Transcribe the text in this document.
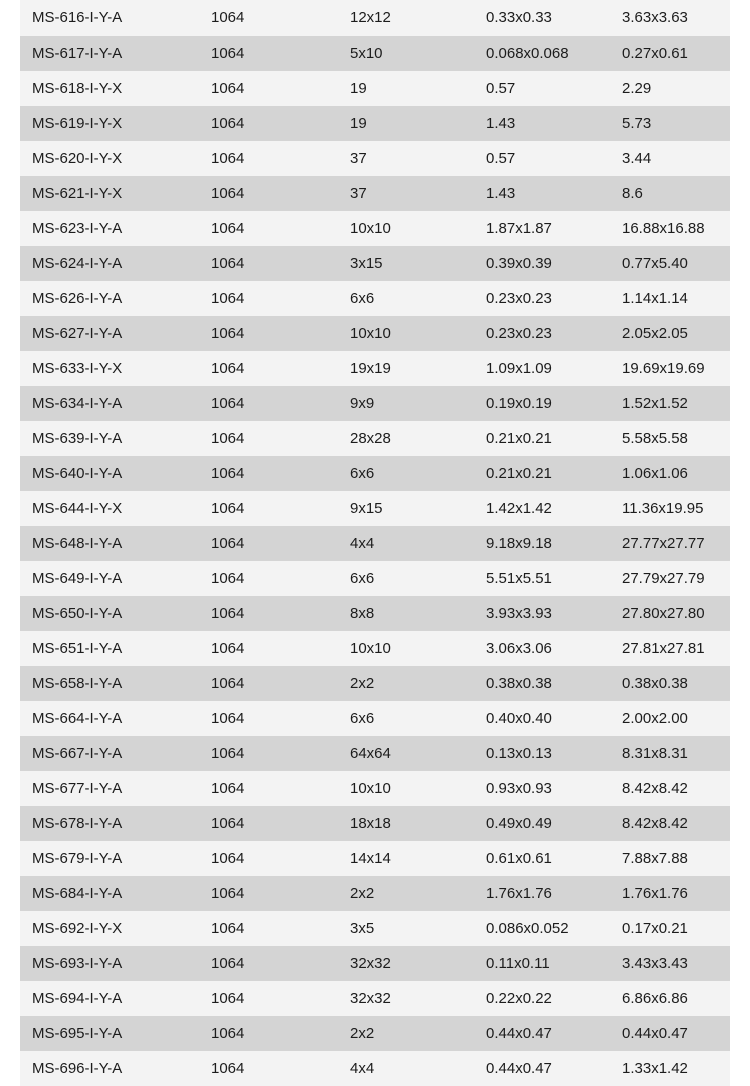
MS-616-I-Y-A	1064	12x12	0.33x0.33	3.63x3.63
MS-617-I-Y-A	1064	5x10	0.068x0.068	0.27x0.61
MS-618-I-Y-X	1064	19	0.57	2.29
MS-619-I-Y-X	1064	19	1.43	5.73
MS-620-I-Y-X	1064	37	0.57	3.44
MS-621-I-Y-X	1064	37	1.43	8.6
MS-623-I-Y-A	1064	10x10	1.87x1.87	16.88x16.88
MS-624-I-Y-A	1064	3x15	0.39x0.39	0.77x5.40
MS-626-I-Y-A	1064	6x6	0.23x0.23	1.14x1.14
MS-627-I-Y-A	1064	10x10	0.23x0.23	2.05x2.05
MS-633-I-Y-X	1064	19x19	1.09x1.09	19.69x19.69
MS-634-I-Y-A	1064	9x9	0.19x0.19	1.52x1.52
MS-639-I-Y-A	1064	28x28	0.21x0.21	5.58x5.58
MS-640-I-Y-A	1064	6x6	0.21x0.21	1.06x1.06
MS-644-I-Y-X	1064	9x15	1.42x1.42	11.36x19.95
MS-648-I-Y-A	1064	4x4	9.18x9.18	27.77x27.77
MS-649-I-Y-A	1064	6x6	5.51x5.51	27.79x27.79
MS-650-I-Y-A	1064	8x8	3.93x3.93	27.80x27.80
MS-651-I-Y-A	1064	10x10	3.06x3.06	27.81x27.81
MS-658-I-Y-A	1064	2x2	0.38x0.38	0.38x0.38
MS-664-I-Y-A	1064	6x6	0.40x0.40	2.00x2.00
MS-667-I-Y-A	1064	64x64	0.13x0.13	8.31x8.31
MS-677-I-Y-A	1064	10x10	0.93x0.93	8.42x8.42
MS-678-I-Y-A	1064	18x18	0.49x0.49	8.42x8.42
MS-679-I-Y-A	1064	14x14	0.61x0.61	7.88x7.88
MS-684-I-Y-A	1064	2x2	1.76x1.76	1.76x1.76
MS-692-I-Y-X	1064	3x5	0.086x0.052	0.17x0.21
MS-693-I-Y-A	1064	32x32	0.11x0.11	3.43x3.43
MS-694-I-Y-A	1064	32x32	0.22x0.22	6.86x6.86
MS-695-I-Y-A	1064	2x2	0.44x0.47	0.44x0.47
MS-696-I-Y-A	1064	4x4	0.44x0.47	1.33x1.42
